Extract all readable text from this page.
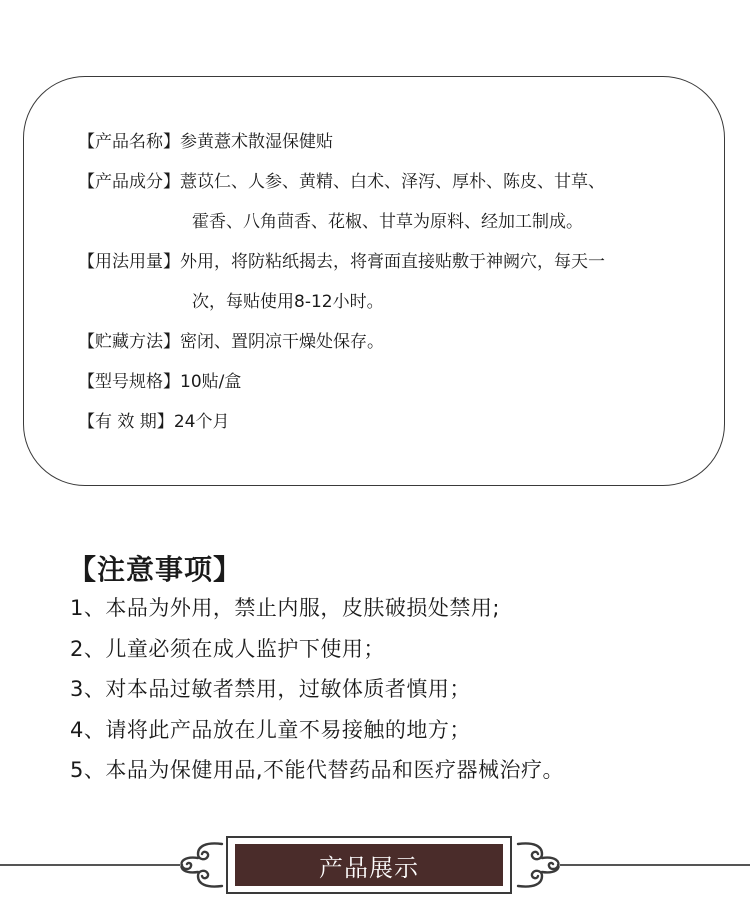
【产品名称】参黄薏术散湿保健贴
【产品成分】薏苡仁、人参、黄精、白术、泽泻、厚朴、陈皮、甘草、
霍香、八角茴香、花椒、甘草为原料、经加工制成。
【用法用量】外用，将防粘纸揭去，将膏面直接贴敷于神阙穴，每天一
次，每贴使用8-12小时。
【贮藏方法】密闭、置阴凉干燥处保存。
【型号规格】10贴/盒
【有 效 期】24个月
【注意事项】
1、本品为外用，禁止内服，皮肤破损处禁用;
2、儿童必须在成人监护下使用；
3、对本品过敏者禁用，过敏体质者慎用；
4、请将此产品放在儿童不易接触的地方；
5、本品为保健用品,不能代替药品和医疗器械治疗。
产品展示
